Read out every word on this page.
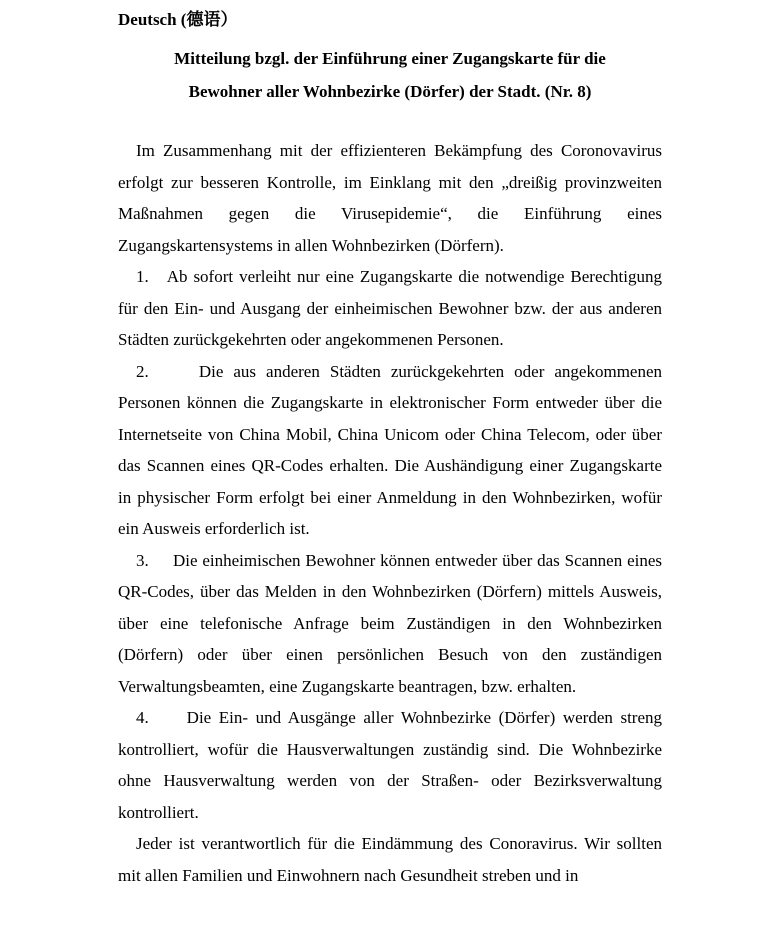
Deutsch (德语）

Mitteilung bzgl. der Einführung einer Zugangskarte für die
Bewohner aller Wohnbezirke (Dörfer) der Stadt. (Nr. 8)

Im Zusammenhang mit der effizienteren Bekämpfung des Coronovavirus erfolgt zur besseren Kontrolle, im Einklang mit den „dreißig provinzweiten Maßnahmen gegen die Virusepidemie“, die Einführung eines Zugangskartensystems in allen Wohnbezirken (Dörfern).

1. Ab sofort verleiht nur eine Zugangskarte die notwendige Berechtigung für den Ein- und Ausgang der einheimischen Bewohner bzw. der aus anderen Städten zurückgekehrten oder angekommenen Personen.

2.	Die aus anderen Städten zurückgekehrten oder angekommenen Personen können die Zugangskarte in elektronischer Form entweder über die Internetseite von China Mobil, China Unicom oder China Telecom, oder über das Scannen eines QR-Codes erhalten. Die Aushändigung einer Zugangskarte in physischer Form erfolgt bei einer Anmeldung in den Wohnbezirken, wofür ein Ausweis erforderlich ist.

3. Die einheimischen Bewohner können entweder über das Scannen eines QR-Codes, über das Melden in den Wohnbezirken (Dörfern) mittels Ausweis, über eine telefonische Anfrage beim Zuständigen in den Wohnbezirken (Dörfern) oder über einen persönlichen Besuch von den zuständigen Verwaltungsbeamten, eine Zugangskarte beantragen, bzw. erhalten.

4. Die Ein- und Ausgänge aller Wohnbezirke (Dörfer) werden streng kontrolliert, wofür die Hausverwaltungen zuständig sind. Die Wohnbezirke ohne Hausverwaltung werden von der Straßen- oder Bezirksverwaltung kontrolliert.

Jeder ist verantwortlich für die Eindämmung des Conoravirus. Wir sollten mit allen Familien und Einwohnern nach Gesundheit streben und in
